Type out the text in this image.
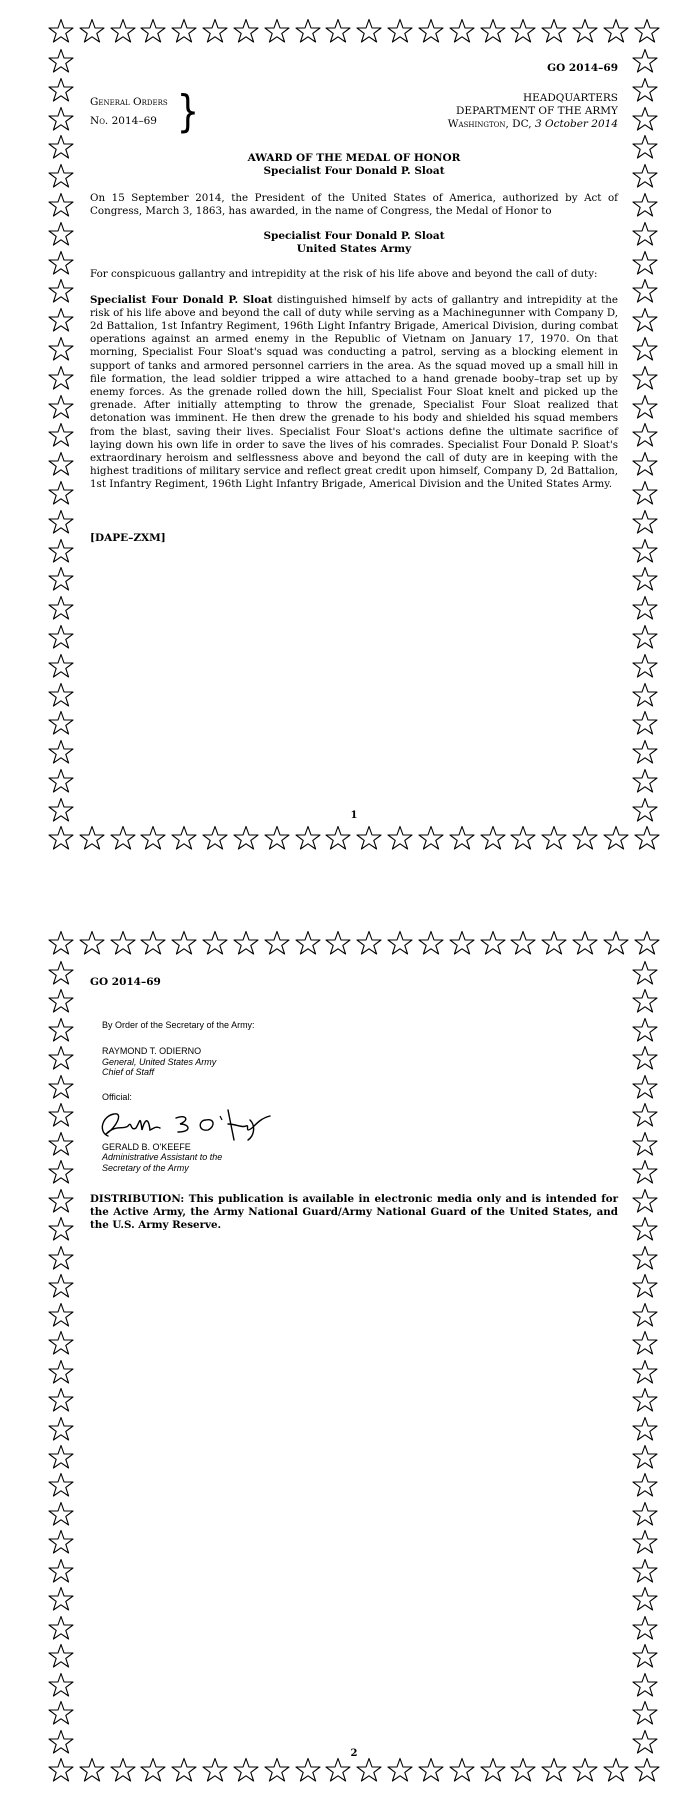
GO 2014–69
General Orders
No. 2014–69 }	HEADQUARTERS
DEPARTMENT OF THE ARMY
Washington, DC, 3 October 2014
AWARD OF THE MEDAL OF HONOR
Specialist Four Donald P. Sloat
On 15 September 2014, the President of the United States of America, authorized by Act of Congress, March 3, 1863, has awarded, in the name of Congress, the Medal of Honor to
Specialist Four Donald P. Sloat
United States Army
For conspicuous gallantry and intrepidity at the risk of his life above and beyond the call of duty:
Specialist Four Donald P. Sloat distinguished himself by acts of gallantry and intrepidity at the risk of his life above and beyond the call of duty while serving as a Machinegunner with Company D, 2d Battalion, 1st Infantry Regiment, 196th Light Infantry Brigade, Americal Division, during combat operations against an armed enemy in the Republic of Vietnam on January 17, 1970. On that morning, Specialist Four Sloat's squad was conducting a patrol, serving as a blocking element in support of tanks and armored personnel carriers in the area. As the squad moved up a small hill in file formation, the lead soldier tripped a wire attached to a hand grenade booby–trap set up by enemy forces. As the grenade rolled down the hill, Specialist Four Sloat knelt and picked up the grenade. After initially attempting to throw the grenade, Specialist Four Sloat realized that detonation was imminent. He then drew the grenade to his body and shielded his squad members from the blast, saving their lives. Specialist Four Sloat's actions define the ultimate sacrifice of laying down his own life in order to save the lives of his comrades. Specialist Four Donald P. Sloat's extraordinary heroism and selflessness above and beyond the call of duty are in keeping with the highest traditions of military service and reflect great credit upon himself, Company D, 2d Battalion, 1st Infantry Regiment, 196th Light Infantry Brigade, Americal Division and the United States Army.
[DAPE–ZXM]
1
GO 2014–69
By Order of the Secretary of the Army:
RAYMOND T. ODIERNO
General, United States Army
Chief of Staff
Official:
GERALD B. O'KEEFE
Administrative Assistant to the
Secretary of the Army
DISTRIBUTION: This publication is available in electronic media only and is intended for the Active Army, the Army National Guard/Army National Guard of the United States, and the U.S. Army Reserve.
2
